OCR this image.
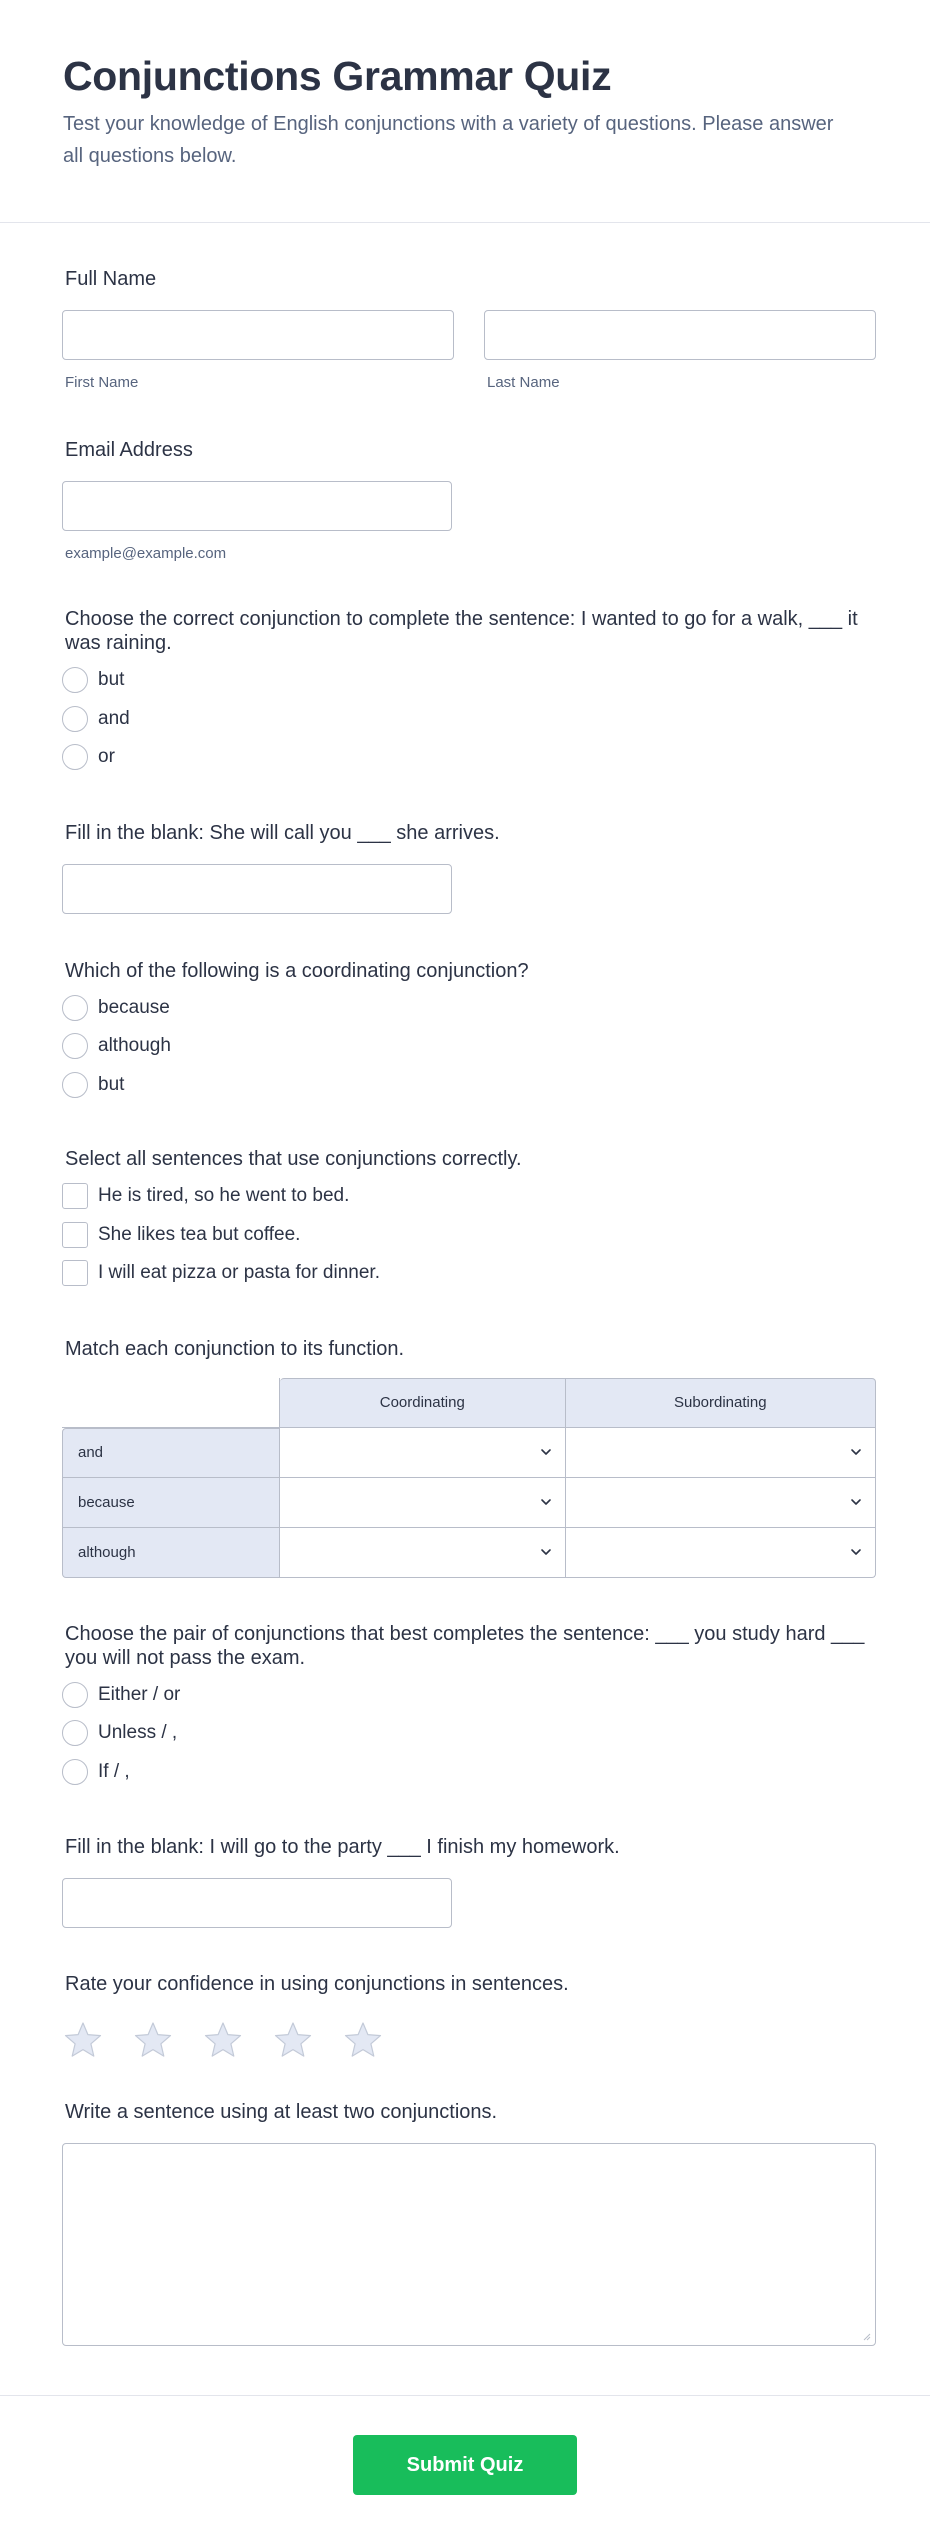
Conjunctions Grammar Quiz

Test your knowledge of English conjunctions with a variety of questions. Please answer all questions below.

Full Name
First Name	Last Name
Email Address
example@example.com
Choose the correct conjunction to complete the sentence: I wanted to go for a walk, ___ it was raining.
but
and
or
Fill in the blank: She will call you ___ she arrives.
Which of the following is a coordinating conjunction?
because
although
but
Select all sentences that use conjunctions correctly.
He is tired, so he went to bed.
She likes tea but coffee.
I will eat pizza or pasta for dinner.
Match each conjunction to its function.
	Coordinating	Subordinating
and	

because	

although	

Choose the pair of conjunctions that best completes the sentence: ___ you study hard ___ you will not pass the exam.
Either / or
Unless / ,
If / ,
Fill in the blank: I will go to the party ___ I finish my homework.
Rate your confidence in using conjunctions in sentences.
Write a sentence using at least two conjunctions.
Submit Quiz
